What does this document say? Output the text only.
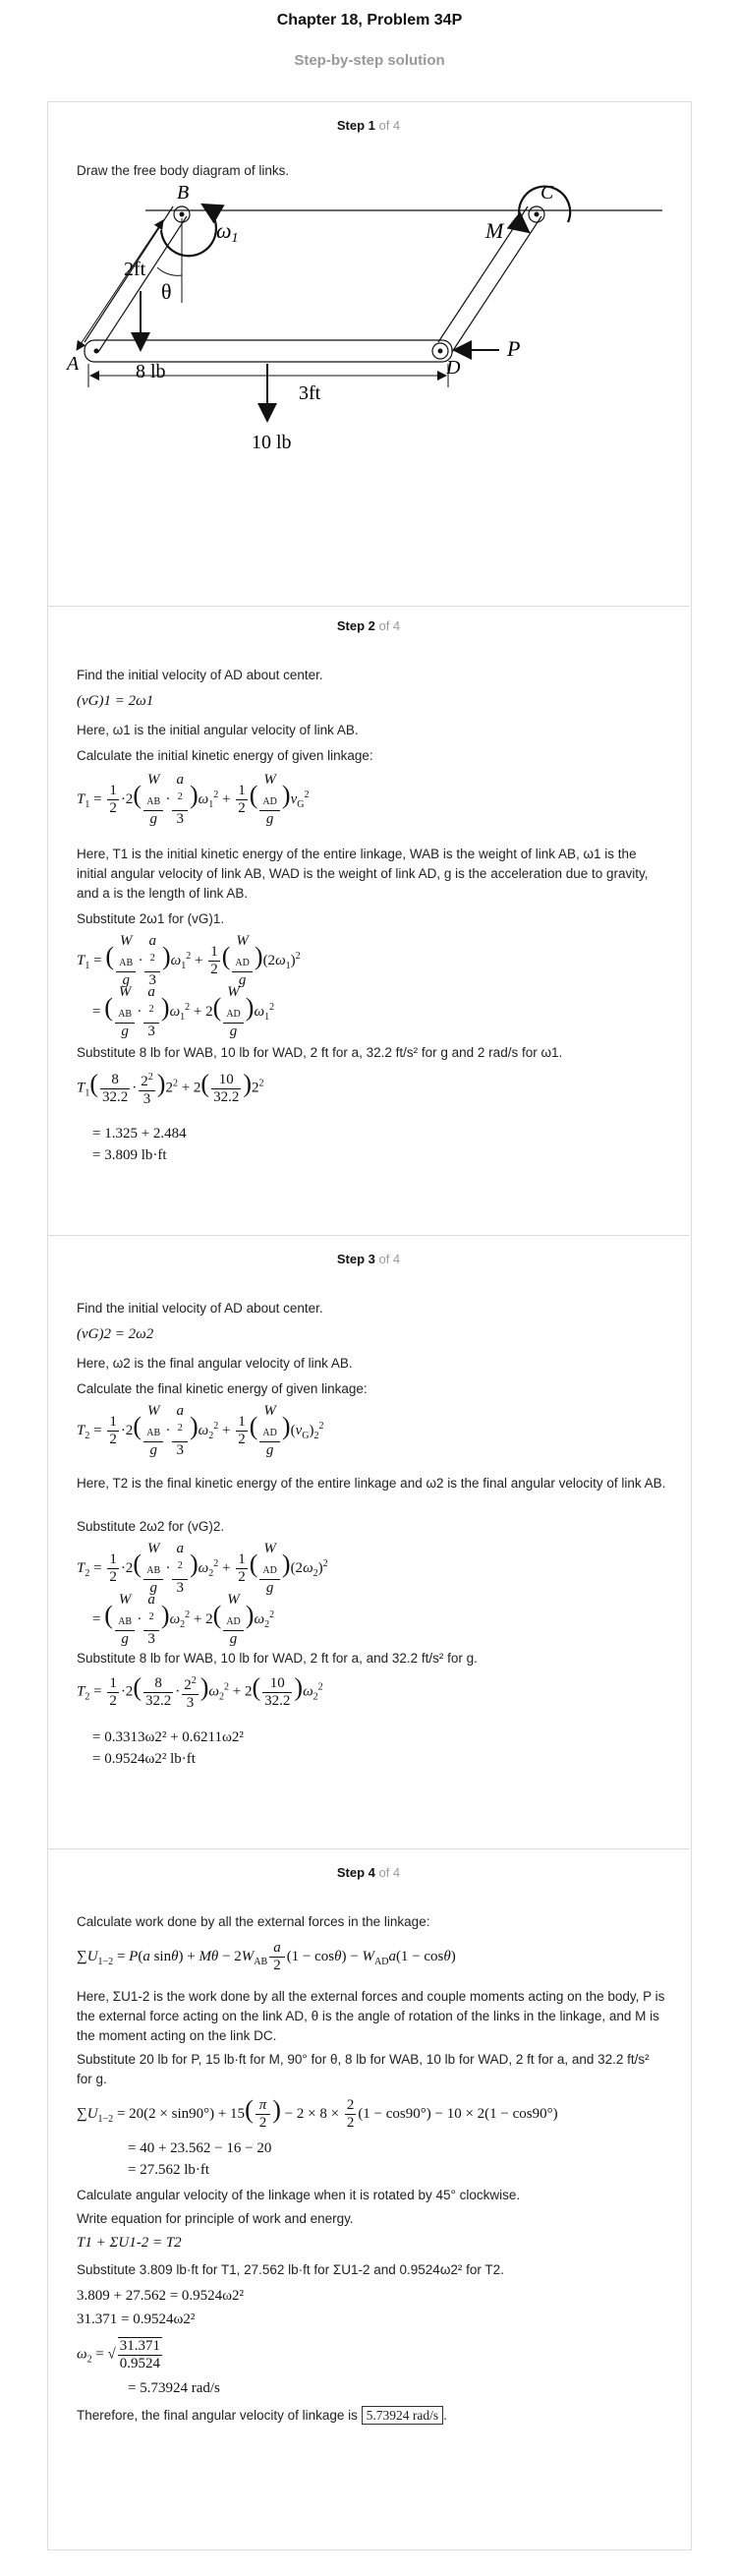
Chapter 18, Problem 34P
Step-by-step solution
Step 1 of 4
Draw the free body diagram of links.
2ft
ω1
θ
8 lb
B	C
A	D
M
P
3ft
10 lb
Step 2 of 4
Find the initial velocity of AD about center.
(vG)1 = 2ω1
Here, ω1 is the initial angular velocity of link AB.
Calculate the initial kinetic energy of given linkage:
$T_1 = \frac{1}{2} \cdot 2$(
W
$_{AB}$
g
· a
$^2$
3 )$\omega_1^2 + \frac{1}{2}$ (
W
$_{AD}$
g
)$v_G^2$
Here, T1 is the initial kinetic energy of the entire linkage, WAB is the weight of link AB, ω1 is the initial angular velocity of link AB, WAD is the weight of link AD, g is the acceleration due to gravity, and a is the length of link AB.
Substitute 2ω1 for (vG)1.
$T_1$ = (
W
$_{AB}$
g
· a
$^2$
3 )$\omega_1^2 + \frac{1}{2}$ (
W
$_{AD}$
g
)$(2\omega_1)^2$
= (
W
$_{AB}$
g
· a
$^2$
3 )$\omega_1^2 + 2$(
W
$_{AD}$
g
)$\omega_1^2$
Substitute 8 lb for WAB, 10 lb for WAD, 2 ft for a, 32.2 ft/s² for g and 2 rad/s for ω1.
$T_1( \frac{8}{32.2} \cdot \frac{2^2}{3} )2^2 + 2( \frac{10}{32.2} )2^2$
= 1.325 + 2.484
= 3.809 lb·ft
Step 3 of 4
Find the initial velocity of AD about center.
(vG)2 = 2ω2
Here, ω2 is the final angular velocity of link AB.
Calculate the final kinetic energy of given linkage:
$T_2 = \frac{1}{2} \cdot 2$(
W
$_{AB}$
g
· a
$^2$
3 )$\omega_2^2 + \frac{1}{2}$ (
W
$_{AD}$
g
)$(v_G)_2^2$
Here, T2 is the final kinetic energy of the entire linkage and ω2 is the final angular velocity of link AB.
Substitute 2ω2 for (vG)2.
$T_2 = \frac{1}{2} \cdot 2$(
W
$_{AB}$
g
· a
$^2$
3 )$\omega_2^2 + \frac{1}{2}$ (
W
$_{AD}$
g
)$(2\omega_2)^2$
= (
W
$_{AB}$
g
· a
$^2$
3 )$\omega_2^2 + 2$(
W
$_{AD}$
g
)$\omega_2^2$
Substitute 8 lb for WAB, 10 lb for WAD, 2 ft for a, and 32.2 ft/s² for g.
$T_2 = \frac{1}{2} \cdot 2( \frac{8}{32.2} \cdot \frac{2^2}{3} )\omega_2^2 + 2( \frac{10}{32.2} )\omega_2^2$
= 0.3313ω2² + 0.6211ω2²
= 0.9524ω2² lb·ft
Step 4 of 4
Calculate work done by all the external forces in the linkage:
$\sum U_{1-2} = P(a$ $\sin\theta) + M\theta - 2W_{AB} \frac{a}{2} (1 - \cos\theta) - W_{AD}a(1 - \cos\theta)$
Here, ΣU1-2 is the work done by all the external forces and couple moments acting on the body, P is the external force acting on the link AD, θ is the angle of rotation of the links in the linkage, and M is the moment acting on the link DC.
Substitute 20 lb for P, 15 lb·ft for M, 90° for θ, 8 lb for WAB, 10 lb for WAD, 2 ft for a, and 32.2 ft/s² for g.
$\sum U_{1-2} = 20(2 \times \sin 90^\circ) + 15( \frac{\pi}{2}$ ) − $2 \times 8 \times \frac{2}{2} (1 - \cos 90^\circ) - 10 \times 2(1 - \cos 90^\circ)$
= 40 + 23.562 − 16 − 20
= 27.562 lb·ft
Calculate angular velocity of the linkage when it is rotated by 45° clockwise.
Write equation for principle of work and energy.
T1 + ΣU1-2 = T2
Substitute 3.809 lb·ft for T1, 27.562 lb·ft for ΣU1-2 and 0.9524ω2² for T2.
3.809 + 27.562 = 0.9524ω2²
31.371 = 0.9524ω2²
$\omega_2$ = √ $\frac{31.371}{0.9524}$
= 5.73924 rad/s
Therefore, the final angular velocity of linkage is 5.73924 rad/s .
